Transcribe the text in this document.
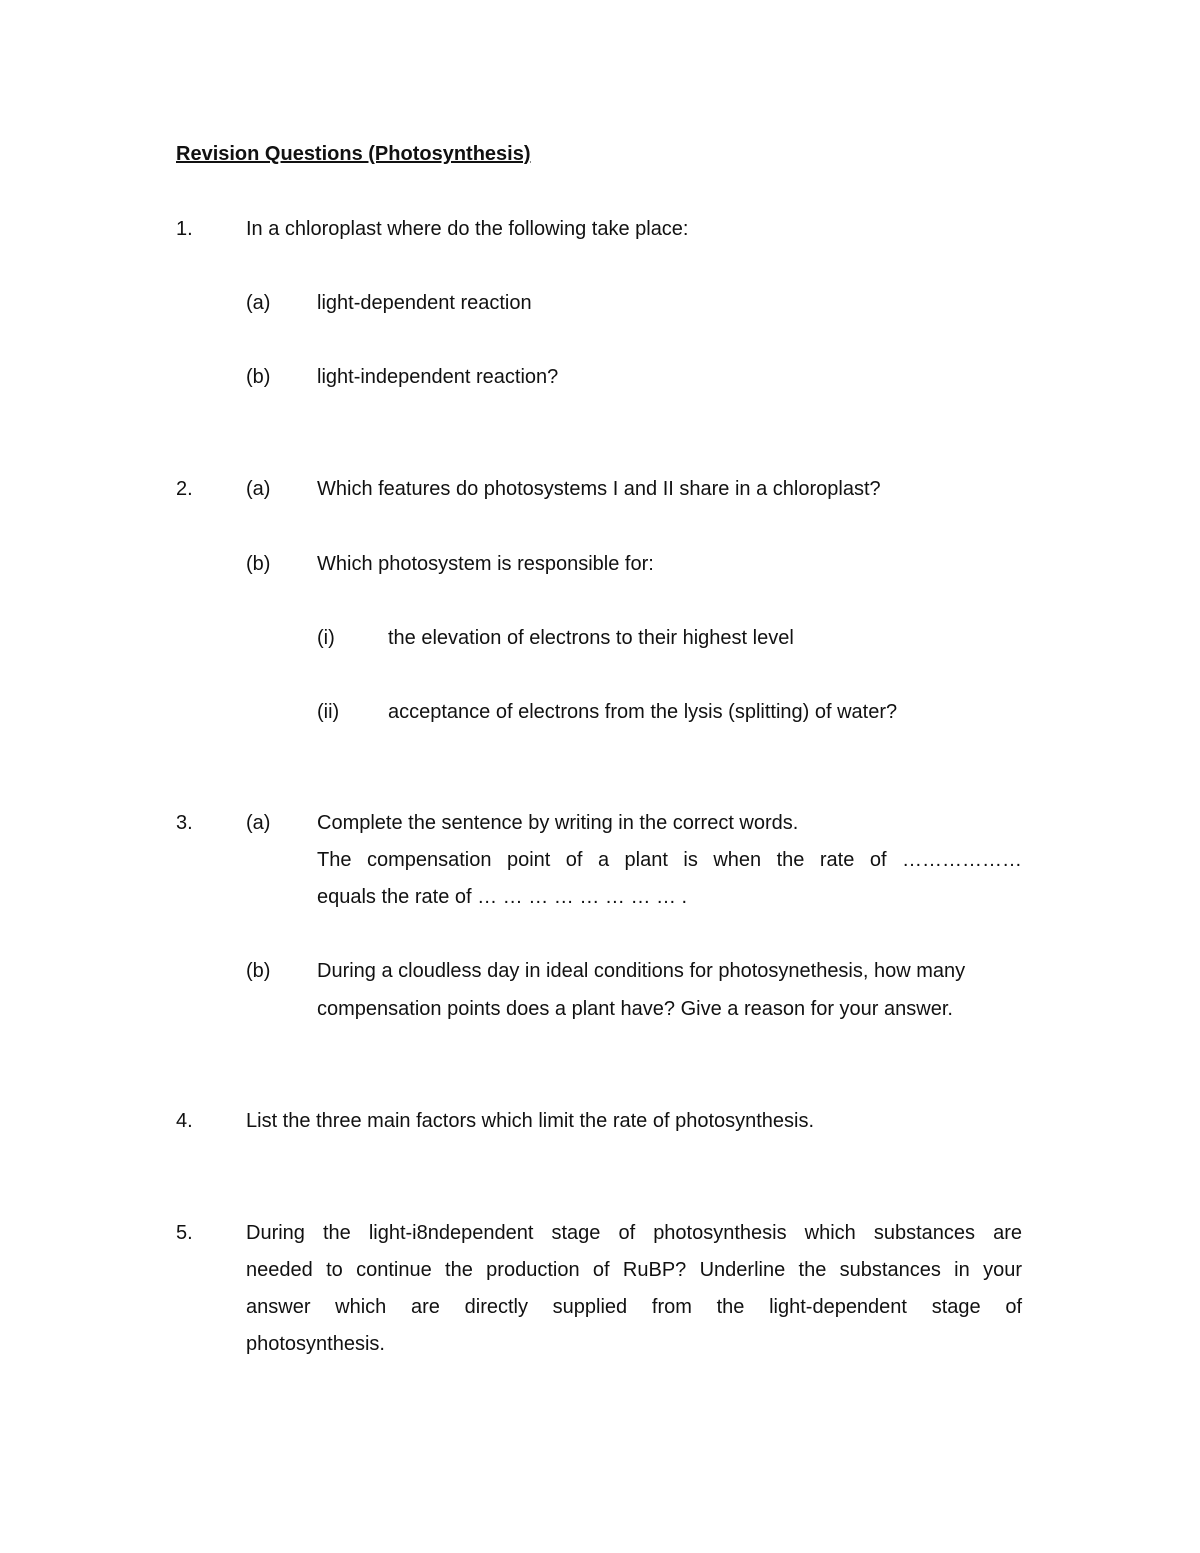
Revision Questions (Photosynthesis)
1.	In a chloroplast where do the following take place:
(a) light-dependent reaction
(b) light-independent reaction?
2.	(a) Which features do photosystems I and II share in a chloroplast?
(b) Which photosystem is responsible for:
(i)	the elevation of electrons to their highest level
(ii) acceptance of electrons from the lysis (splitting) of water?
3.	(a) Complete the sentence by writing in the correct words.
The compensation point of a plant is when the rate of ………………
equals the rate of … … … … … … … … .
(b) During a cloudless day in ideal conditions for photosynethesis, how many
compensation points does a plant have? Give a reason for your answer.
4.	List the three main factors which limit the rate of photosynthesis.
5.	During the light-i8ndependent stage of photosynthesis which substances are
needed to continue the production of RuBP? Underline the substances in your
answer which are directly supplied from the light-dependent stage of
photosynthesis.
